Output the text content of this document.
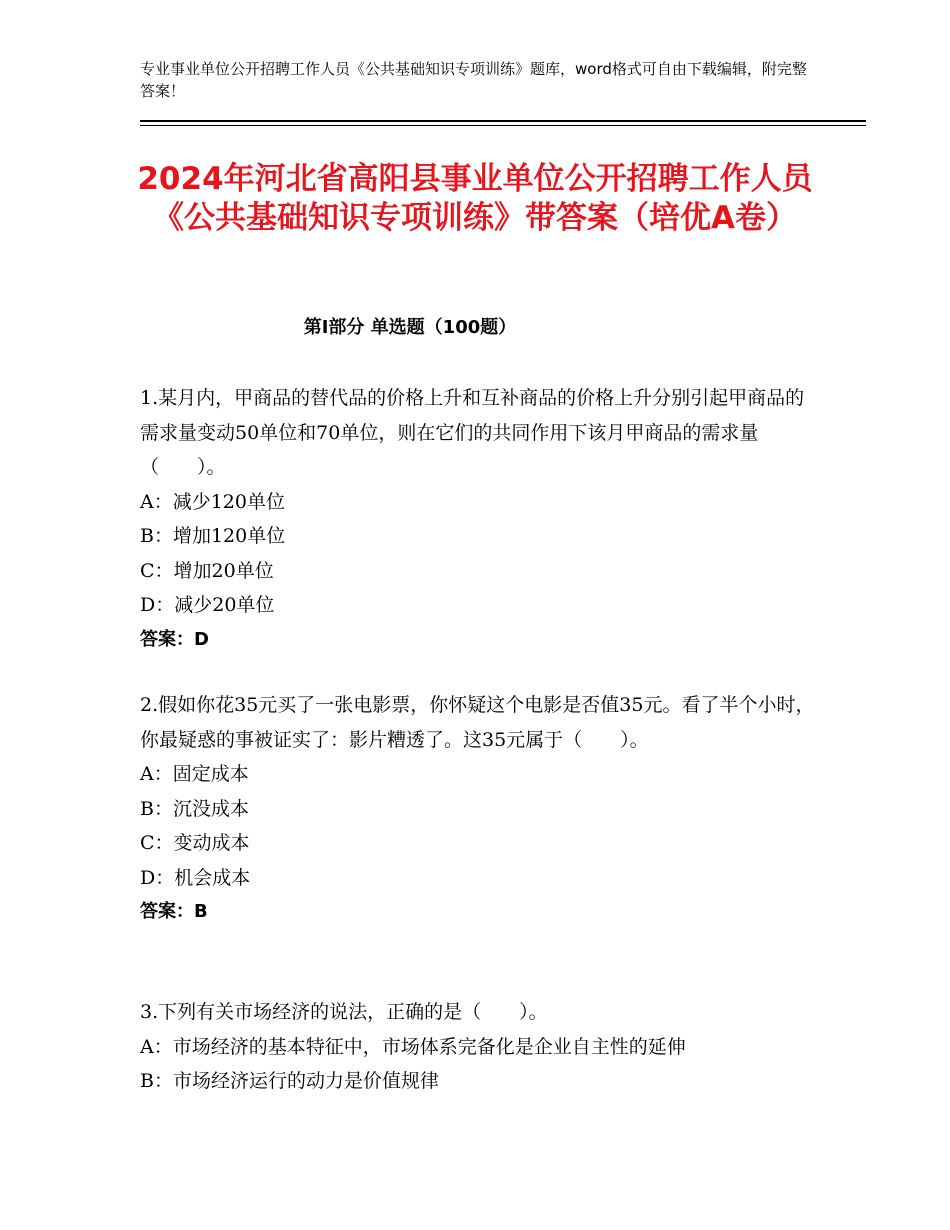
专业事业单位公开招聘工作人员《公共基础知识专项训练》题库，word格式可自由下载编辑，附完整答案！
2024年河北省高阳县事业单位公开招聘工作人员《公共基础知识专项训练》带答案（培优A卷）
第Ⅰ部分 单选题（100题）

1.某月内，甲商品的替代品的价格上升和互补商品的价格上升分别引起甲商品的需求量变动50单位和70单位，则在它们的共同作用下该月甲商品的需求量（　　）。

A：减少120单位

B：增加120单位

C：增加20单位

D：减少20单位

答案：D

2.假如你花35元买了一张电影票，你怀疑这个电影是否值35元。看了半个小时，你最疑惑的事被证实了：影片糟透了。这35元属于（　　）。

A：固定成本

B：沉没成本

C：变动成本

D：机会成本

答案：B

3.下列有关市场经济的说法，正确的是（　　）。

A：市场经济的基本特征中，市场体系完备化是企业自主性的延伸

B：市场经济运行的动力是价值规律
